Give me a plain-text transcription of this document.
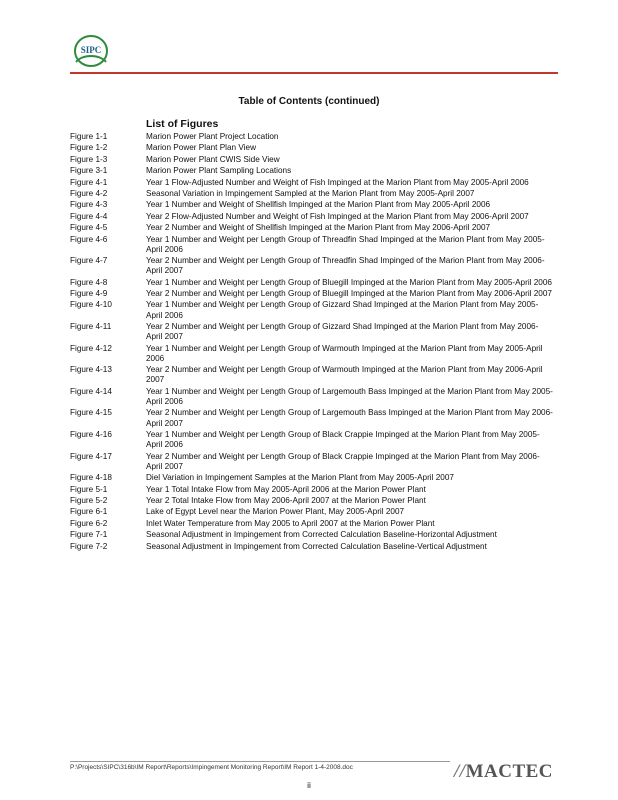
SIPC
Table of Contents (continued)
List of Figures
Figure 1-1	Marion Power Plant Project Location
Figure 1-2	Marion Power Plant Plan View
Figure 1-3	Marion Power Plant CWIS Side View
Figure 3-1	Marion Power Plant Sampling Locations
Figure 4-1	Year 1 Flow-Adjusted Number and Weight of Fish Impinged at the Marion Plant from May 2005-April 2006
Figure 4-2	Seasonal Variation in Impingement Sampled at the Marion Plant from May 2005-April 2007
Figure 4-3	Year 1 Number and Weight of Shellfish Impinged at the Marion Plant from May 2005-April 2006
Figure 4-4	Year 2 Flow-Adjusted Number and Weight of Fish Impinged at the Marion Plant from May 2006-April 2007
Figure 4-5	Year 2 Number and Weight of Shellfish Impinged at the Marion Plant from May 2006-April 2007
Figure 4-6	Year 1 Number and Weight per Length Group of Threadfin Shad Impinged at the Marion Plant from May 2005-April 2006
Figure 4-7	Year 2 Number and Weight per Length Group of Threadfin Shad Impinged of the Marion Plant from May 2006-April 2007
Figure 4-8	Year 1 Number and Weight per Length Group of Bluegill Impinged at the Marion Plant from May 2005-April 2006
Figure 4-9	Year 2 Number and Weight per Length Group of Bluegill Impinged at the Marion Plant from May 2006-April 2007
Figure 4-10	Year 1 Number and Weight per Length Group of Gizzard Shad Impinged at the Marion Plant from May 2005-April 2006
Figure 4-11	Year 2 Number and Weight per Length Group of Gizzard Shad Impinged at the Marion Plant from May 2006-April 2007
Figure 4-12	Year 1 Number and Weight per Length Group of Warmouth Impinged at the Marion Plant from May 2005-April 2006
Figure 4-13	Year 2 Number and Weight per Length Group of Warmouth Impinged at the Marion Plant from May 2006-April 2007
Figure 4-14	Year 1 Number and Weight per Length Group of Largemouth Bass Impinged at the Marion Plant from May 2005-April 2006
Figure 4-15	Year 2 Number and Weight per Length Group of Largemouth Bass Impinged at the Marion Plant from May 2006-April 2007
Figure 4-16	Year 1 Number and Weight per Length Group of Black Crappie Impinged at the Marion Plant from May 2005-April 2006
Figure 4-17	Year 2 Number and Weight per Length Group of Black Crappie Impinged at the Marion Plant from May 2006-April 2007
Figure 4-18	Diel Variation in Impingement Samples at the Marion Plant from May 2005-April 2007
Figure 5-1	Year 1 Total Intake Flow from May 2005-April 2006 at the Marion Power Plant
Figure 5-2	Year 2 Total Intake Flow from May 2006-April 2007 at the Marion Power Plant
Figure 6-1	Lake of Egypt Level near the Marion Power Plant, May 2005-April 2007
Figure 6-2	Inlet Water Temperature from May 2005 to April 2007 at the Marion Power Plant
Figure 7-1	Seasonal Adjustment in Impingement from Corrected Calculation Baseline-Horizontal Adjustment
Figure 7-2	Seasonal Adjustment in Impingement from Corrected Calculation Baseline-Vertical Adjustment
P:\Projects\SIPC\316b\IM Report\Reports\Impingement Monitoring Report\IM Report 1-4-2008.doc	//MACTEC
ii
